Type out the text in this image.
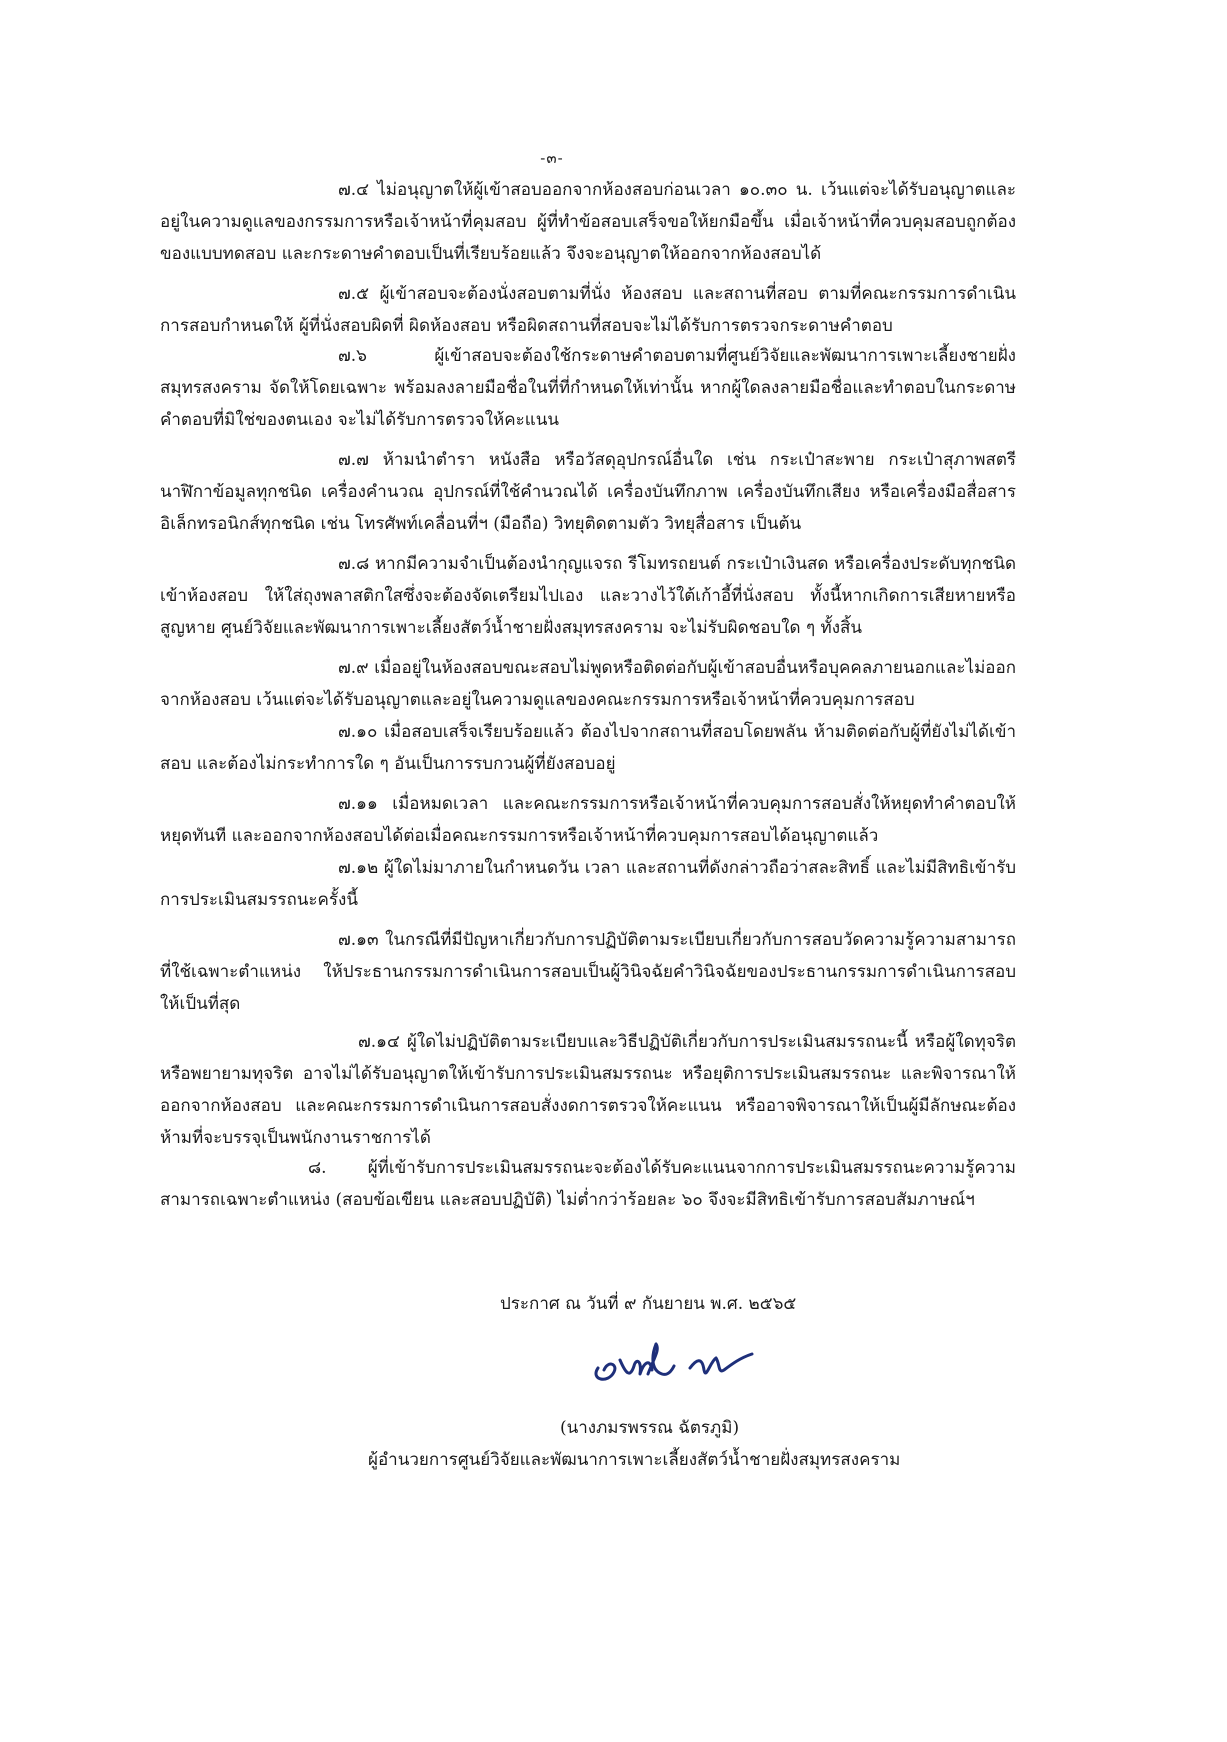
-๓-
๗.๔ ไม่อนุญาตให้ผู้เข้าสอบออกจากห้องสอบก่อนเวลา ๑๐.๓๐ น. เว้นแต่จะได้รับอนุญาตและอยู่ในความดูแลของกรรมการหรือเจ้าหน้าที่คุมสอบ ผู้ที่ทำข้อสอบเสร็จขอให้ยกมือขึ้น เมื่อเจ้าหน้าที่ควบคุมสอบถูกต้องของแบบทดสอบ และกระดาษคำตอบเป็นที่เรียบร้อยแล้ว จึงจะอนุญาตให้ออกจากห้องสอบได้
๗.๕ ผู้เข้าสอบจะต้องนั่งสอบตามที่นั่ง ห้องสอบ และสถานที่สอบ ตามที่คณะกรรมการดำเนินการสอบกำหนดให้ ผู้ที่นั่งสอบผิดที่ ผิดห้องสอบ หรือผิดสถานที่สอบจะไม่ได้รับการตรวจกระดาษคำตอบ
๗.๖ ผู้เข้าสอบจะต้องใช้กระดาษคำตอบตามที่ศูนย์วิจัยและพัฒนาการเพาะเลี้ยงชายฝั่งสมุทรสงคราม จัดให้โดยเฉพาะ พร้อมลงลายมือชื่อในที่ที่กำหนดให้เท่านั้น หากผู้ใดลงลายมือชื่อและทำตอบในกระดาษคำตอบที่มิใช่ของตนเอง จะไม่ได้รับการตรวจให้คะแนน
๗.๗ ห้ามนำตำรา หนังสือ หรือวัสดุอุปกรณ์อื่นใด เช่น กระเป๋าสะพาย กระเป๋าสุภาพสตรีนาฬิกาข้อมูลทุกชนิด เครื่องคำนวณ อุปกรณ์ที่ใช้คำนวณได้ เครื่องบันทึกภาพ เครื่องบันทึกเสียง หรือเครื่องมือสื่อสารอิเล็กทรอนิกส์ทุกชนิด เช่น โทรศัพท์เคลื่อนที่ฯ (มือถือ) วิทยุติดตามตัว วิทยุสื่อสาร เป็นต้น
๗.๘ หากมีความจำเป็นต้องนำกุญแจรถ รีโมทรถยนต์ กระเป๋าเงินสด หรือเครื่องประดับทุกชนิดเข้าห้องสอบ ให้ใส่ถุงพลาสติกใสซึ่งจะต้องจัดเตรียมไปเอง และวางไว้ใต้เก้าอี้ที่นั่งสอบ ทั้งนี้หากเกิดการเสียหายหรือสูญหาย ศูนย์วิจัยและพัฒนาการเพาะเลี้ยงสัตว์น้ำชายฝั่งสมุทรสงคราม จะไม่รับผิดชอบใด ๆ ทั้งสิ้น
๗.๙ เมื่ออยู่ในห้องสอบขณะสอบไม่พูดหรือติดต่อกับผู้เข้าสอบอื่นหรือบุคคลภายนอกและไม่ออกจากห้องสอบ เว้นแต่จะได้รับอนุญาตและอยู่ในความดูแลของคณะกรรมการหรือเจ้าหน้าที่ควบคุมการสอบ
๗.๑๐ เมื่อสอบเสร็จเรียบร้อยแล้ว ต้องไปจากสถานที่สอบโดยพลัน ห้ามติดต่อกับผู้ที่ยังไม่ได้เข้าสอบ และต้องไม่กระทำการใด ๆ อันเป็นการรบกวนผู้ที่ยังสอบอยู่
๗.๑๑ เมื่อหมดเวลา และคณะกรรมการหรือเจ้าหน้าที่ควบคุมการสอบสั่งให้หยุดทำคำตอบให้หยุดทันที และออกจากห้องสอบได้ต่อเมื่อคณะกรรมการหรือเจ้าหน้าที่ควบคุมการสอบได้อนุญาตแล้ว
๗.๑๒ ผู้ใดไม่มาภายในกำหนดวัน เวลา และสถานที่ดังกล่าวถือว่าสละสิทธิ์ และไม่มีสิทธิเข้ารับการประเมินสมรรถนะครั้งนี้
๗.๑๓ ในกรณีที่มีปัญหาเกี่ยวกับการปฏิบัติตามระเบียบเกี่ยวกับการสอบวัดความรู้ความสามารถที่ใช้เฉพาะตำแหน่ง ให้ประธานกรรมการดำเนินการสอบเป็นผู้วินิจฉัยคำวินิจฉัยของประธานกรรมการดำเนินการสอบให้เป็นที่สุด
๗.๑๔ ผู้ใดไม่ปฏิบัติตามระเบียบและวิธีปฏิบัติเกี่ยวกับการประเมินสมรรถนะนี้ หรือผู้ใดทุจริตหรือพยายามทุจริต อาจไม่ได้รับอนุญาตให้เข้ารับการประเมินสมรรถนะ หรือยุติการประเมินสมรรถนะ และพิจารณาให้ออกจากห้องสอบ และคณะกรรมการดำเนินการสอบสั่งงดการตรวจให้คะแนน หรืออาจพิจารณาให้เป็นผู้มีลักษณะต้องห้ามที่จะบรรจุเป็นพนักงานราชการได้
๘. ผู้ที่เข้ารับการประเมินสมรรถนะจะต้องได้รับคะแนนจากการประเมินสมรรถนะความรู้ความสามารถเฉพาะตำแหน่ง (สอบข้อเขียน และสอบปฏิบัติ) ไม่ต่ำกว่าร้อยละ ๖๐ จึงจะมีสิทธิเข้ารับการสอบสัมภาษณ์ฯ
ประกาศ ณ วันที่ ๙ กันยายน พ.ศ. ๒๕๖๕
(นางภมรพรรณ ฉัตรภูมิ)
ผู้อำนวยการศูนย์วิจัยและพัฒนาการเพาะเลี้ยงสัตว์น้ำชายฝั่งสมุทรสงคราม
